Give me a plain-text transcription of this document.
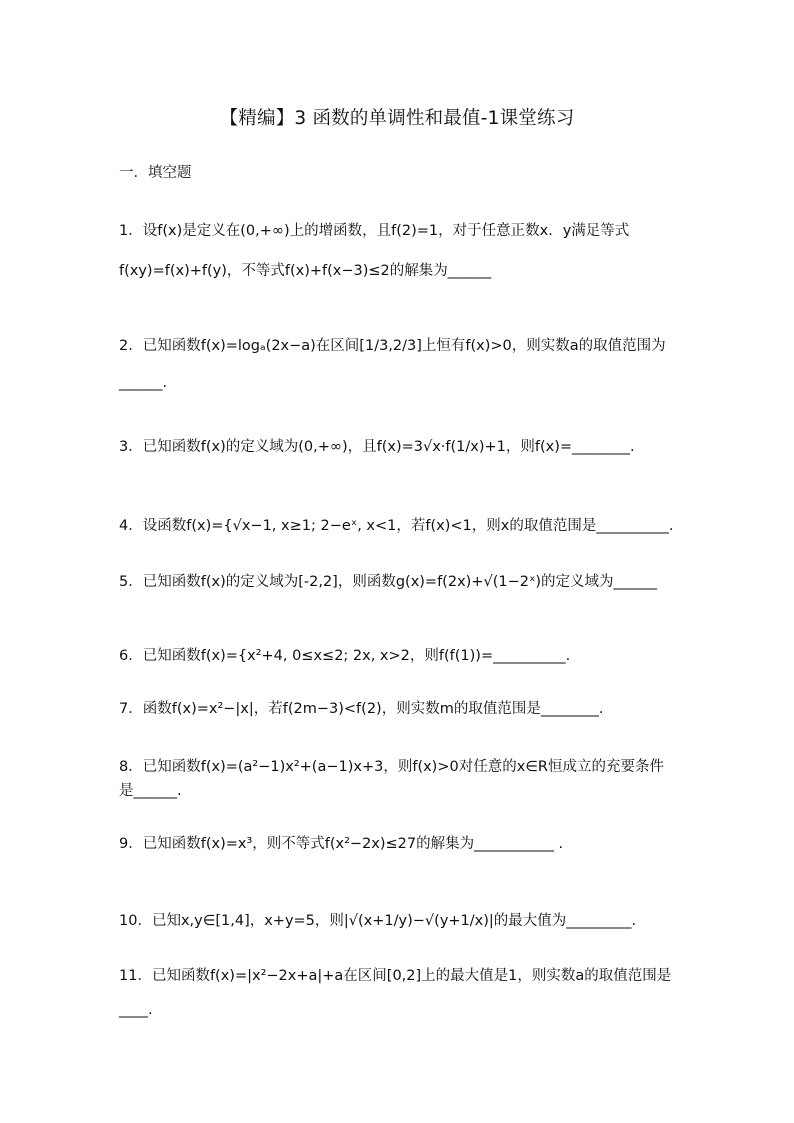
【精编】3 函数的单调性和最值-1课堂练习
一．填空题
1．设f(x)是定义在(0,+∞)上的增函数，且f(2)=1，对于任意正数x．y满足等式
f(xy)=f(x)+f(y)，不等式f(x)+f(x−3)≤2的解集为______
2．已知函数f(x)=logₐ(2x−a)在区间[1/3,2/3]上恒有f(x)>0，则实数a的取值范围为
______.
3．已知函数f(x)的定义域为(0,+∞)，且f(x)=3√x·f(1/x)+1，则f(x)=________.
4．设函数f(x)={√x−1, x≥1; 2−eˣ, x<1，若f(x)<1，则x的取值范围是__________.
5．已知函数f(x)的定义域为[-2,2]，则函数g(x)=f(2x)+√(1−2ˣ)的定义域为______
6．已知函数f(x)={x²+4, 0≤x≤2; 2x, x>2，则f(f(1))=__________.
7．函数f(x)=x²−|x|，若f(2m−3)<f(2)，则实数m的取值范围是________.
8．已知函数f(x)=(a²−1)x²+(a−1)x+3，则f(x)>0对任意的x∈R恒成立的充要条件
是______.
9．已知函数f(x)=x³，则不等式f(x²−2x)≤27的解集为___________ .
10．已知x,y∈[1,4]，x+y=5，则|√(x+1/y)−√(y+1/x)|的最大值为_________.
11．已知函数f(x)=|x²−2x+a|+a在区间[0,2]上的最大值是1，则实数a的取值范围是
____.
